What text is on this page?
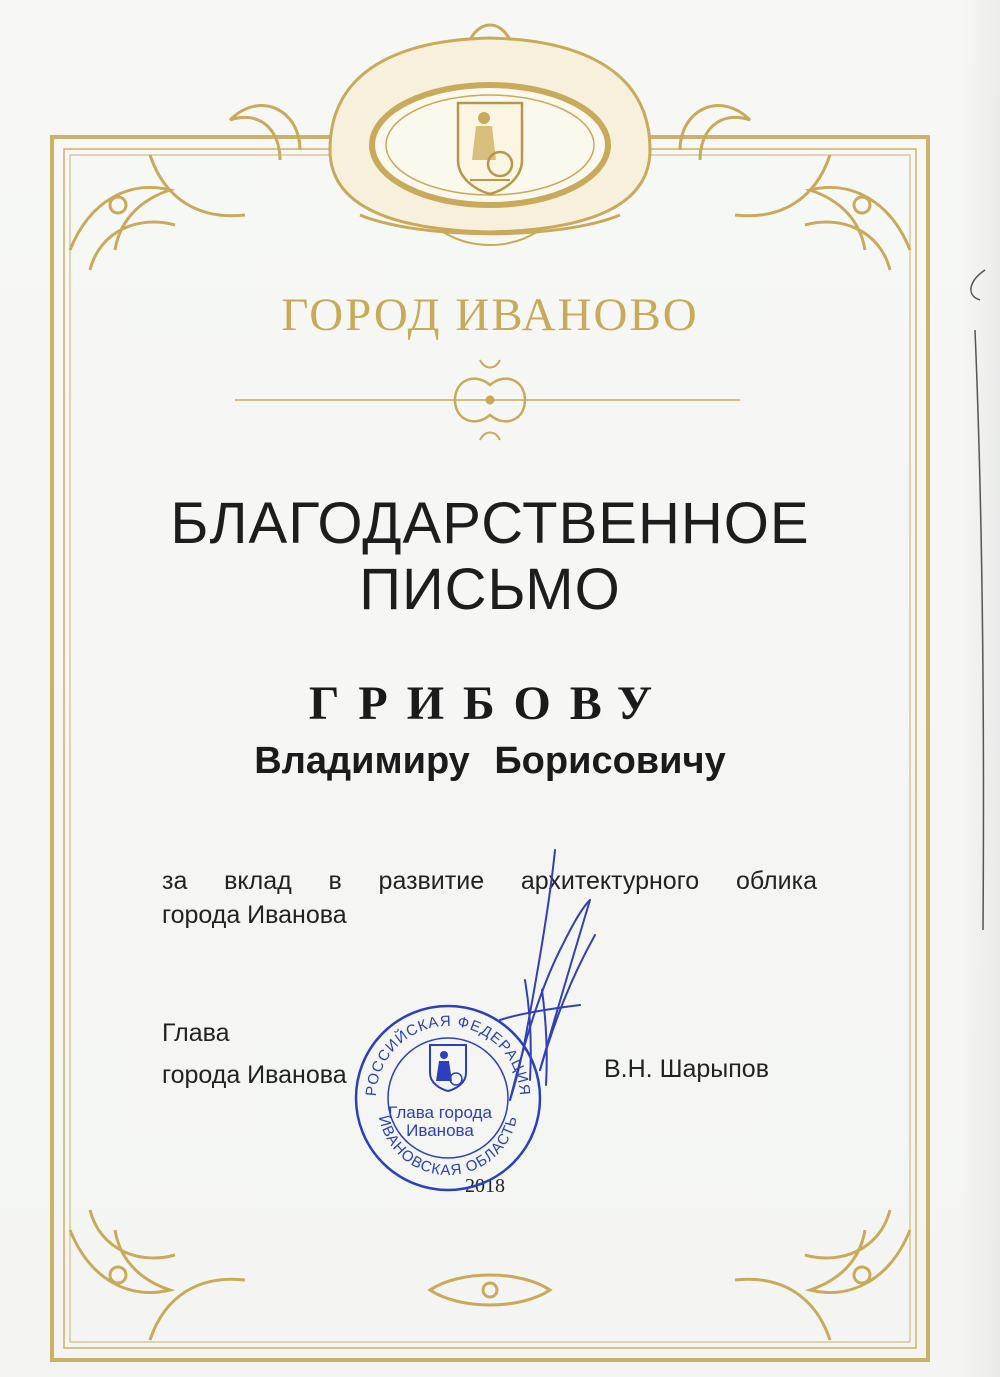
ГОРОД ИВАНОВО
БЛАГОДАРСТВЕННОЕ
ПИСЬМО
ГРИБОВУ
Владимиру Борисовичу
за вклад в развитие архитектурного облика
города Иванова
Глава
города Иванова	В.Н. Шарыпов
2018
РОССИЙСКАЯ ФЕДЕРАЦИЯ
ИВАНОВСКАЯ ОБЛАСТЬ
Глава города
Иванова
